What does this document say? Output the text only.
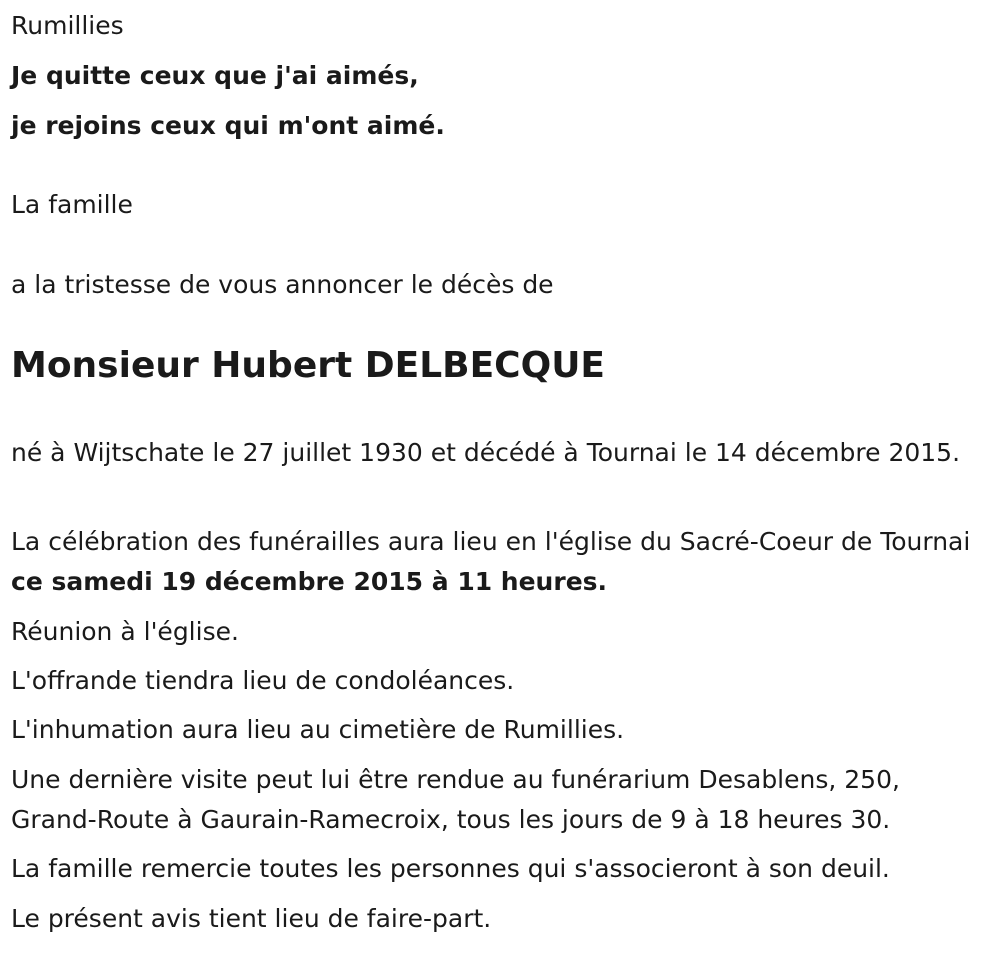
Rumillies

Je quitte ceux que j'ai aimés,

je rejoins ceux qui m'ont aimé.

La famille

a la tristesse de vous annoncer le décès de

Monsieur Hubert DELBECQUE

né à Wijtschate le 27 juillet 1930 et décédé à Tournai le 14 décembre 2015.

La célébration des funérailles aura lieu en l'église du Sacré-Coeur de Tournai ce samedi 19 décembre 2015 à 11 heures.

Réunion à l'église.

L'offrande tiendra lieu de condoléances.

L'inhumation aura lieu au cimetière de Rumillies.

Une dernière visite peut lui être rendue au funérarium Desablens, 250, Grand-Route à Gaurain-Ramecroix, tous les jours de 9 à 18 heures 30.

La famille remercie toutes les personnes qui s'associeront à son deuil.

Le présent avis tient lieu de faire-part.
